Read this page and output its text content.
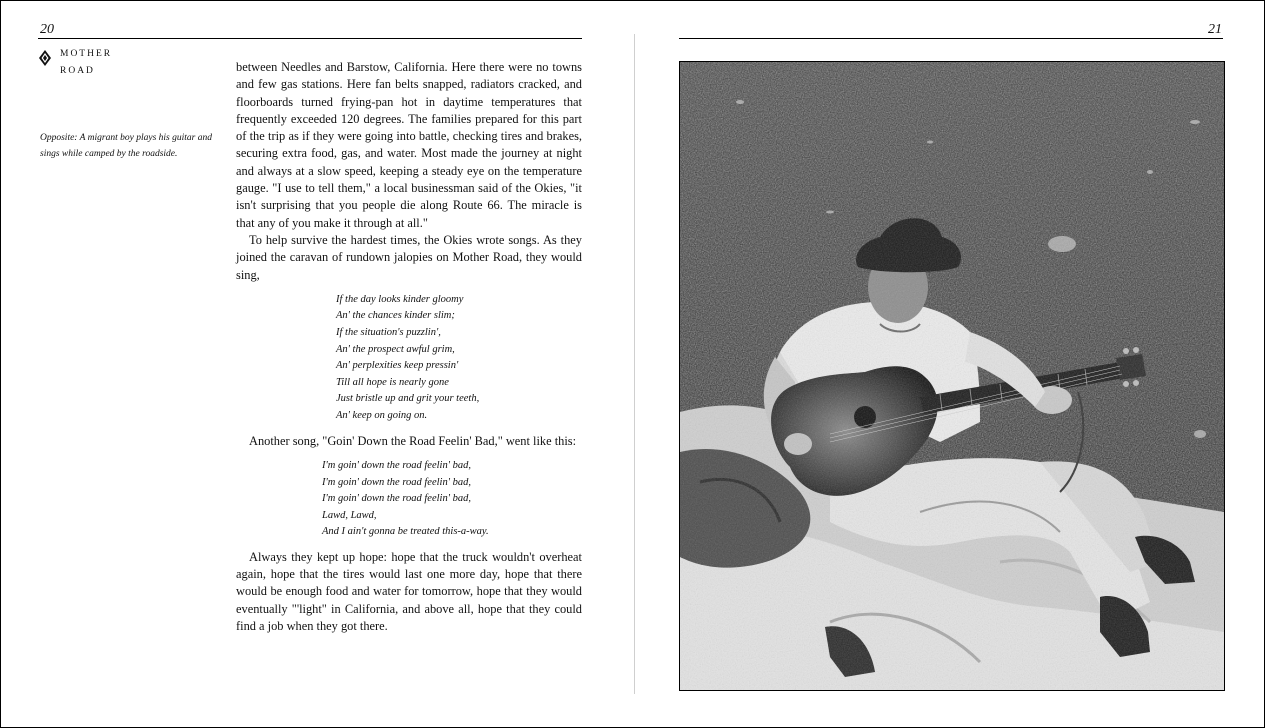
20
MOTHER
ROAD
Opposite: A migrant boy plays his guitar and sings while camped by the roadside.

between Needles and Barstow, California. Here there were no towns and few gas stations. Here fan belts snapped, radiators cracked, and floorboards turned frying-pan hot in daytime temperatures that frequently exceeded 120 degrees. The families prepared for this part of the trip as if they were going into battle, checking tires and brakes, securing extra food, gas, and water. Most made the journey at night and always at a slow speed, keeping a steady eye on the temperature gauge. "I use to tell them," a local businessman said of the Okies, "it isn't surprising that you people die along Route 66. The miracle is that any of you make it through at all."

To help survive the hardest times, the Okies wrote songs. As they joined the caravan of rundown jalopies on Mother Road, they would sing,

If the day looks kinder gloomy
An' the chances kinder slim;
If the situation's puzzlin',
An' the prospect awful grim,
An' perplexities keep pressin'
Till all hope is nearly gone
Just bristle up and grit your teeth,
An' keep on going on.

Another song, "Goin' Down the Road Feelin' Bad," went like this:

I'm goin' down the road feelin' bad,
I'm goin' down the road feelin' bad,
I'm goin' down the road feelin' bad,
Lawd, Lawd,
And I ain't gonna be treated this-a-way.

Always they kept up hope: hope that the truck wouldn't overheat again, hope that the tires would last one more day, hope that there would be enough food and water for tomorrow, hope that they would eventually "'light" in California, and above all, hope that they could find a job when they got there.

21
